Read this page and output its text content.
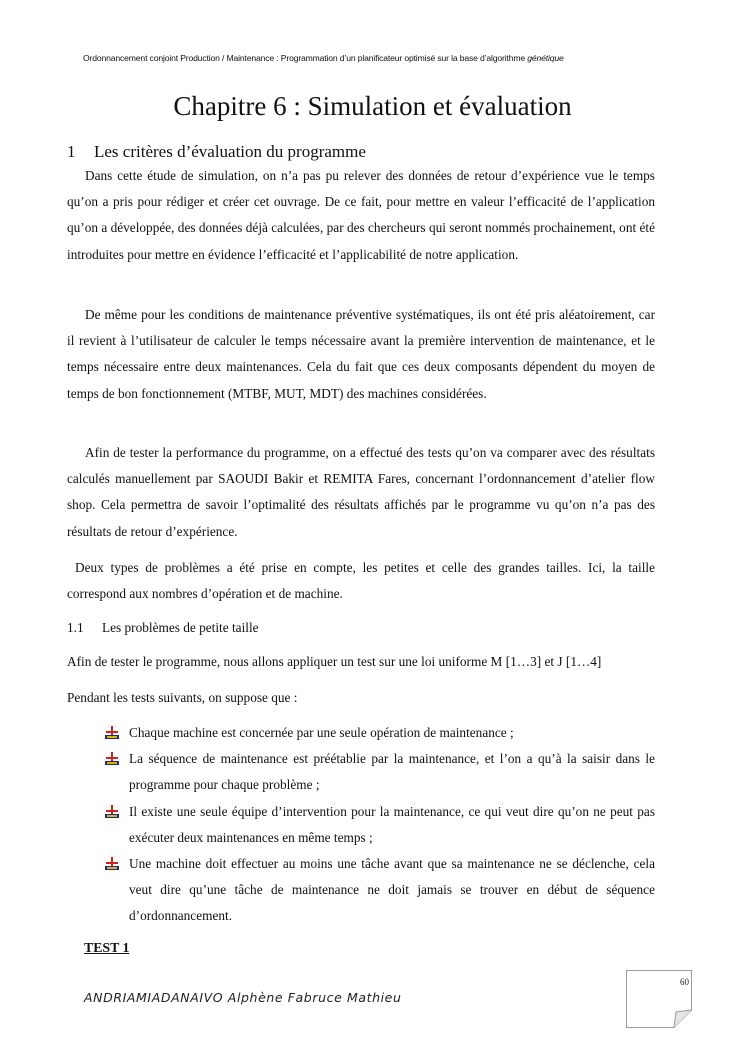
Ordonnancement conjoint Production / Maintenance : Programmation d’un planificateur optimisé sur la base d’algorithme génétique
Chapitre 6 : Simulation et évaluation
1 Les critères d’évaluation du programme

Dans cette étude de simulation, on n’a pas pu relever des données de retour d’expérience vue le temps qu’on a pris pour rédiger et créer cet ouvrage. De ce fait, pour mettre en valeur l’efficacité de l’application qu’on a développée, des données déjà calculées, par des chercheurs qui seront nommés prochainement, ont été introduites pour mettre en évidence l’efficacité et l’applicabilité de notre application.

De même pour les conditions de maintenance préventive systématiques, ils ont été pris aléatoirement, car il revient à l’utilisateur de calculer le temps nécessaire avant la première intervention de maintenance, et le temps nécessaire entre deux maintenances. Cela du fait que ces deux composants dépendent du moyen de temps de bon fonctionnement (MTBF, MUT, MDT) des machines considérées.

Afin de tester la performance du programme, on a effectué des tests qu’on va comparer avec des résultats calculés manuellement par SAOUDI Bakir et REMITA Fares, concernant l’ordonnancement d’atelier flow shop. Cela permettra de savoir l’optimalité des résultats affichés par le programme vu qu’on n’a pas des résultats de retour d’expérience.

Deux types de problèmes a été prise en compte, les petites et celle des grandes tailles. Ici, la taille correspond aux nombres d’opération et de machine.

1.1 Les problèmes de petite taille
Afin de tester le programme, nous allons appliquer un test sur une loi uniforme M [1…3] et J [1…4]
Pendant les tests suivants, on suppose que :
Chaque machine est concernée par une seule opération de maintenance ;
La séquence de maintenance est préétablie par la maintenance, et l’on a qu’à la saisir dans le programme pour chaque problème ;
Il existe une seule équipe d’intervention pour la maintenance, ce qui veut dire qu’on ne peut pas exécuter deux maintenances en même temps ;
Une machine doit effectuer au moins une tâche avant que sa maintenance ne se déclenche, cela veut dire qu’une tâche de maintenance ne doit jamais se trouver en début de séquence d’ordonnancement.
TEST 1
ANDRIAMIADANAIVO Alphène Fabruce Mathieu
60
